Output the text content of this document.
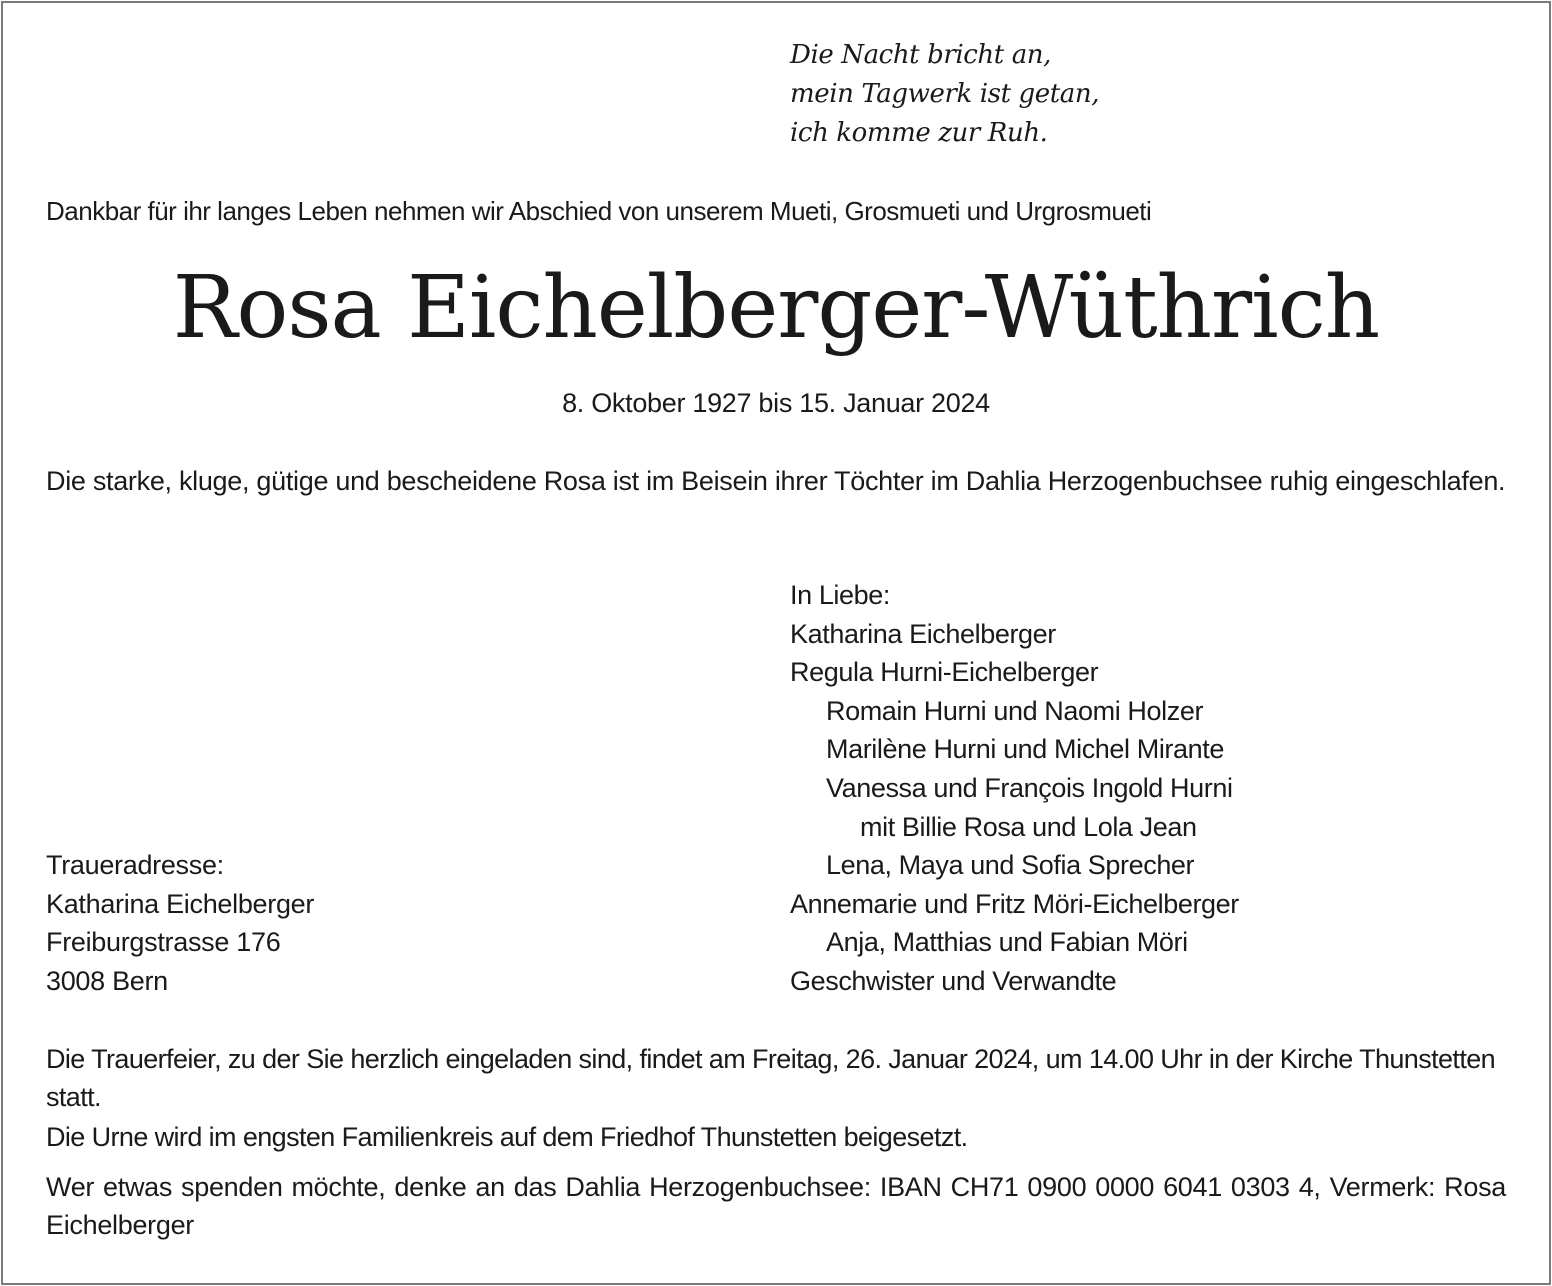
Die Nacht bricht an,
mein Tagwerk ist getan,
ich komme zur Ruh.
Dankbar für ihr langes Leben nehmen wir Abschied von unserem Mueti, Grosmueti und Urgrosmueti
Rosa Eichelberger-Wüthrich
8. Oktober 1927 bis 15. Januar 2024
Die starke, kluge, gütige und bescheidene Rosa ist im Beisein ihrer Töchter im Dahlia Herzogenbuchsee ruhig eingeschlafen.
In Liebe:
Katharina Eichelberger
Regula Hurni-Eichelberger
Romain Hurni und Naomi Holzer
Marilène Hurni und Michel Mirante
Vanessa und François Ingold Hurni
mit Billie Rosa und Lola Jean
Lena, Maya und Sofia Sprecher
Annemarie und Fritz Möri-Eichelberger
Anja, Matthias und Fabian Möri
Geschwister und Verwandte
Traueradresse:
Katharina Eichelberger
Freiburgstrasse 176
3008 Bern
Die Trauerfeier, zu der Sie herzlich eingeladen sind, findet am Freitag, 26. Januar 2024, um 14.00 Uhr in der Kirche Thunstetten statt.
Die Urne wird im engsten Familienkreis auf dem Friedhof Thunstetten beigesetzt.
Wer etwas spenden möchte, denke an das Dahlia Herzogenbuchsee: IBAN CH71 0900 0000 6041 0303 4, Vermerk: Rosa Eichelberger
